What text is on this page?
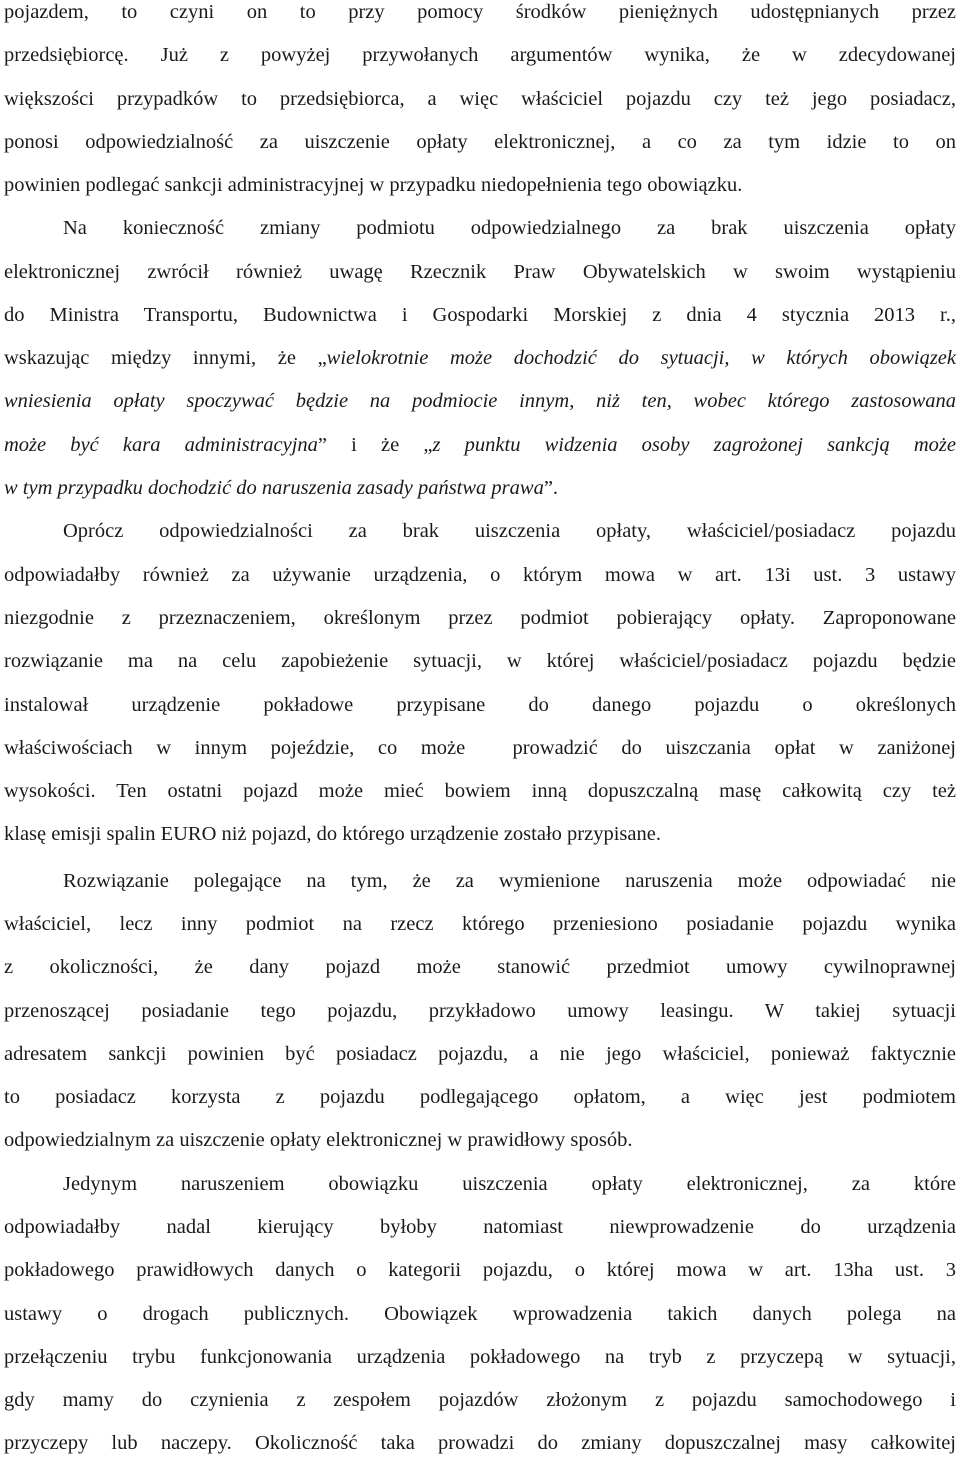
pojazdem, to czyni on to przy pomocy środków pieniężnych udostępnianych przez
przedsiębiorcę. Już z powyżej przywołanych argumentów wynika, że w zdecydowanej
większości przypadków to przedsiębiorca, a więc właściciel pojazdu czy też jego posiadacz,
ponosi odpowiedzialność za uiszczenie opłaty elektronicznej, a co za tym idzie to on
powinien podlegać sankcji administracyjnej w przypadku niedopełnienia tego obowiązku.
Na konieczność zmiany podmiotu odpowiedzialnego za brak uiszczenia opłaty
elektronicznej zwrócił również uwagę Rzecznik Praw Obywatelskich w swoim wystąpieniu
do Ministra Transportu, Budownictwa i Gospodarki Morskiej z dnia 4 stycznia 2013 r.,
wskazując między innymi, że „wielokrotnie może dochodzić do sytuacji, w których obowiązek
wniesienia opłaty spoczywać będzie na podmiocie innym, niż ten, wobec którego zastosowana
może być kara administracyjna” i że „z punktu widzenia osoby zagrożonej sankcją może
w tym przypadku dochodzić do naruszenia zasady państwa prawa”.
Oprócz odpowiedzialności za brak uiszczenia opłaty, właściciel/posiadacz pojazdu
odpowiadałby również za używanie urządzenia, o którym mowa w art. 13i ust. 3 ustawy
niezgodnie z przeznaczeniem, określonym przez podmiot pobierający opłaty. Zaproponowane
rozwiązanie ma na celu zapobieżenie sytuacji, w której właściciel/posiadacz pojazdu będzie
instalował urządzenie pokładowe przypisane do danego pojazdu o określonych
właściwościach w innym pojeździe, co może  prowadzić do uiszczania opłat w zaniżonej
wysokości. Ten ostatni pojazd może mieć bowiem inną dopuszczalną masę całkowitą czy też
klasę emisji spalin EURO niż pojazd, do którego urządzenie zostało przypisane.
Rozwiązanie polegające na tym, że za wymienione naruszenia może odpowiadać nie
właściciel, lecz inny podmiot na rzecz którego przeniesiono posiadanie pojazdu wynika
z okoliczności, że dany pojazd może stanowić przedmiot umowy cywilnoprawnej
przenoszącej posiadanie tego pojazdu, przykładowo umowy leasingu. W takiej sytuacji
adresatem sankcji powinien być posiadacz pojazdu, a nie jego właściciel, ponieważ faktycznie
to posiadacz korzysta z pojazdu podlegającego opłatom, a więc jest podmiotem
odpowiedzialnym za uiszczenie opłaty elektronicznej w prawidłowy sposób.
Jedynym naruszeniem obowiązku uiszczenia opłaty elektronicznej, za które
odpowiadałby nadal kierujący byłoby natomiast niewprowadzenie do urządzenia
pokładowego prawidłowych danych o kategorii pojazdu, o której mowa w art. 13ha ust. 3
ustawy o drogach publicznych. Obowiązek wprowadzenia takich danych polega na
przełączeniu trybu funkcjonowania urządzenia pokładowego na tryb z przyczepą w sytuacji,
gdy mamy do czynienia z zespołem pojazdów złożonym z pojazdu samochodowego i
przyczepy lub naczepy. Okoliczność taka prowadzi do zmiany dopuszczalnej masy całkowitej
